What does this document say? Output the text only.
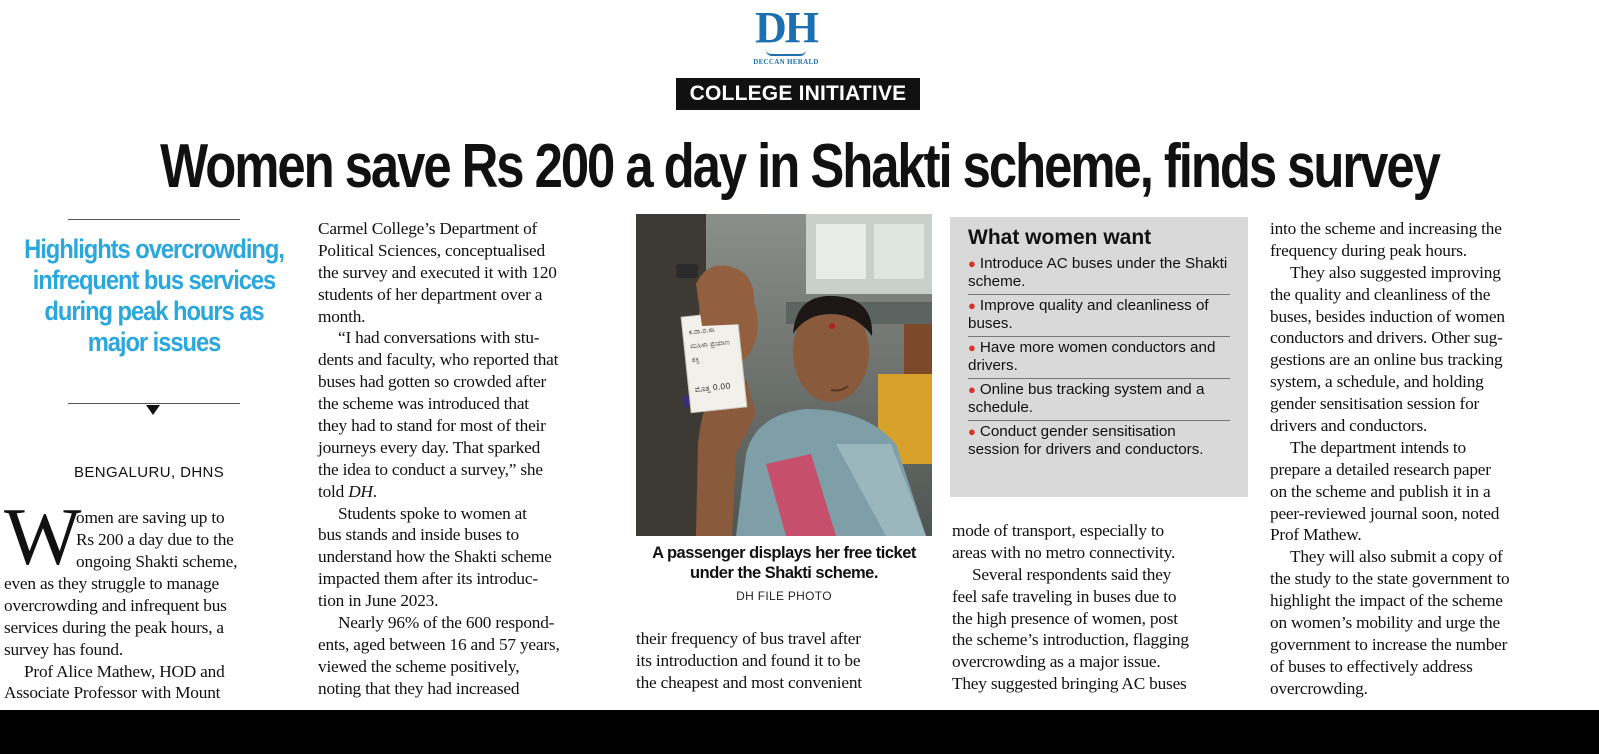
DH
DECCAN HERALD
COLLEGE INITIATIVE
Women save Rs 200 a day in Shakti scheme, finds survey
Highlights overcrowding,
infrequent bus services
during peak hours as
major issues
BENGALURU, DHNS
W
omen are saving up to
Rs 200 a day due to the
ongoing Shakti scheme,
even as they struggle to manage
overcrowding and infrequent bus
services during the peak hours, a
survey has found.
Prof Alice Mathew, HOD and
Associate Professor with Mount
Carmel College’s Department of
Political Sciences, conceptualised
the survey and executed it with 120
students of her department over a
month.
“I had conversations with stu-
dents and faculty, who reported that
buses had gotten so crowded after
the scheme was introduced that
they had to stand for most of their
journeys every day. That sparked
the idea to conduct a survey,” she
told DH.
Students spoke to women at
bus stands and inside buses to
understand how the Shakti scheme
impacted them after its introduc-
tion in June 2023.
Nearly 96% of the 600 respond-
ents, aged between 16 and 57 years,
viewed the scheme positively,
noting that they had increased
ಕ.ರಾ.ರ.ಸಾ
ಮಹಿಳಾ ಪ್ರಯಾಣ
ಶಕ್ತಿ
ಮೊತ್ತ 0.00
A passenger displays her free ticket under the Shakti scheme.
DH FILE PHOTO
their frequency of bus travel after
its introduction and found it to be
the cheapest and most convenient
What women want
● Introduce AC buses under the Shakti scheme.
● Improve quality and cleanliness of buses.
● Have more women conductors and drivers.
● Online bus tracking system and a schedule.
● Conduct gender sensitisation session for drivers and conductors.
mode of transport, especially to
areas with no metro connectivity.
Several respondents said they
feel safe traveling in buses due to
the high presence of women, post
the scheme’s introduction, flagging
overcrowding as a major issue.
They suggested bringing AC buses
into the scheme and increasing the
frequency during peak hours.
They also suggested improving
the quality and cleanliness of the
buses, besides induction of women
conductors and drivers. Other sug-
gestions are an online bus tracking
system, a schedule, and holding
gender sensitisation session for
drivers and conductors.
The department intends to
prepare a detailed research paper
on the scheme and publish it in a
peer-reviewed journal soon, noted
Prof Mathew.
They will also submit a copy of
the study to the state government to
highlight the impact of the scheme
on women’s mobility and urge the
government to increase the number
of buses to effectively address
overcrowding.
